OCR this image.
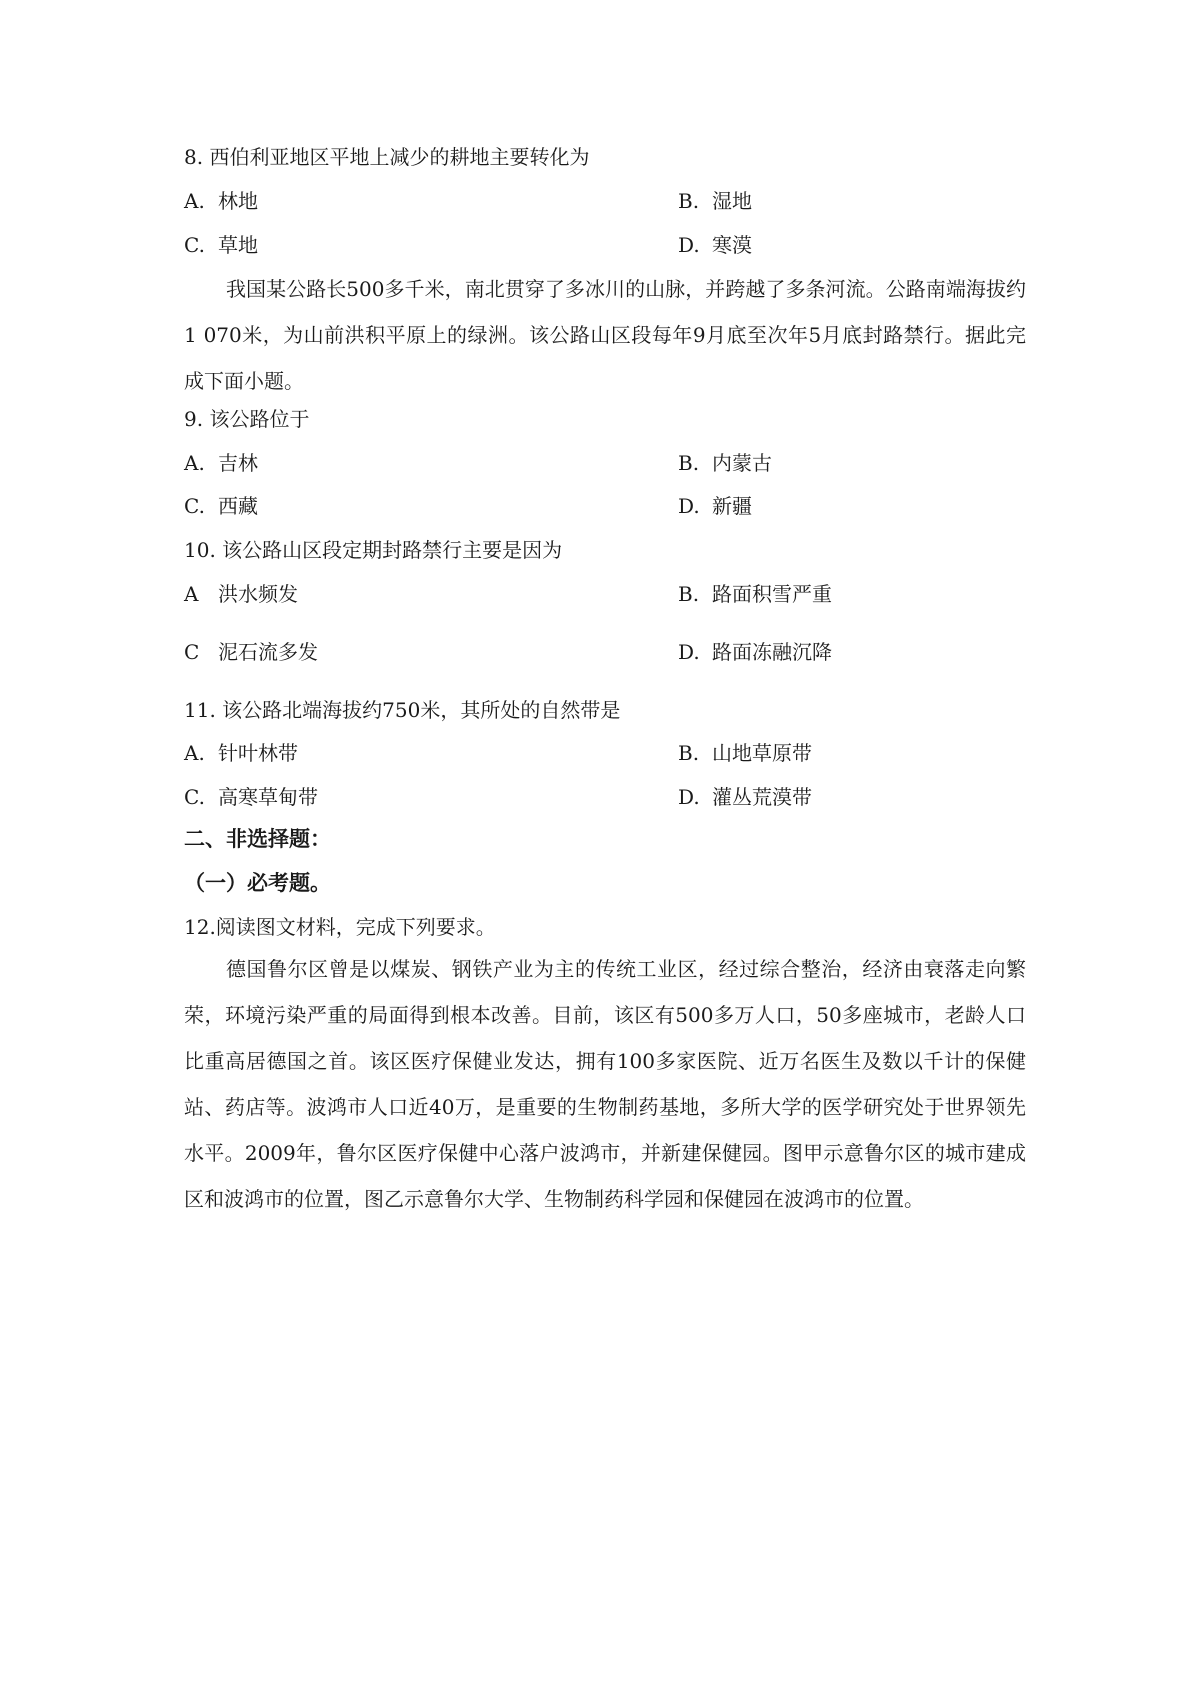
8. 西伯利亚地区平地上减少的耕地主要转化为
A. 林地	B. 湿地
C. 草地	D. 寒漠
我国某公路长500多千米，南北贯穿了多冰川的山脉，并跨越了多条河流。公路南端海拔约1 070米，为山前洪积平原上的绿洲。该公路山区段每年9月底至次年5月底封路禁行。据此完成下面小题。
9. 该公路位于
A. 吉林	B. 内蒙古
C. 西藏	D. 新疆
10. 该公路山区段定期封路禁行主要是因为
A 洪水频发	B. 路面积雪严重
C 泥石流多发	D. 路面冻融沉降
11. 该公路北端海拔约750米，其所处的自然带是
A. 针叶林带	B. 山地草原带
C. 高寒草甸带	D. 灌丛荒漠带
二、非选择题：
（一）必考题。
12.阅读图文材料，完成下列要求。
德国鲁尔区曾是以煤炭、钢铁产业为主的传统工业区，经过综合整治，经济由衰落走向繁荣，环境污染严重的局面得到根本改善。目前，该区有500多万人口，50多座城市，老龄人口比重高居德国之首。该区医疗保健业发达，拥有100多家医院、近万名医生及数以千计的保健站、药店等。波鸿市人口近40万，是重要的生物制药基地，多所大学的医学研究处于世界领先水平。2009年，鲁尔区医疗保健中心落户波鸿市，并新建保健园。图甲示意鲁尔区的城市建成区和波鸿市的位置，图乙示意鲁尔大学、生物制药科学园和保健园在波鸿市的位置。
